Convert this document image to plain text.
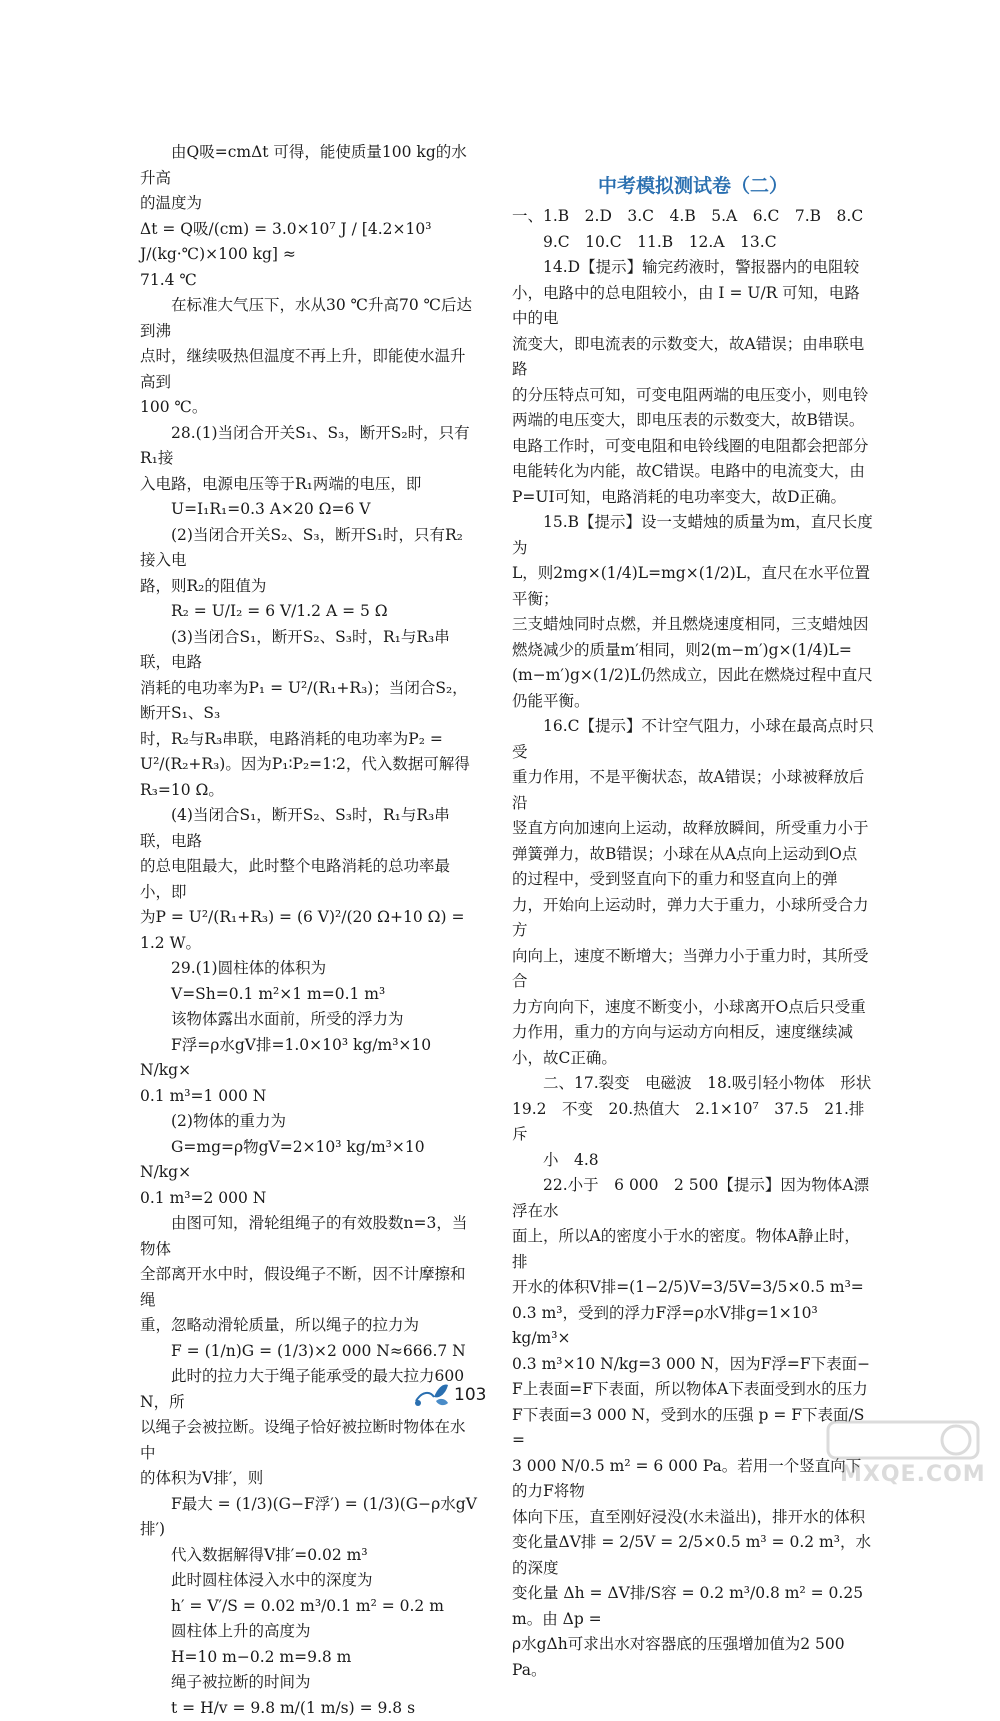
由Q吸=cmΔt 可得，能使质量100 kg的水升高

的温度为

Δt = Q吸/(cm) = 3.0×10⁷ J / [4.2×10³ J/(kg·℃)×100 kg] ≈

71.4 ℃

在标准大气压下，水从30 ℃升高70 ℃后达到沸

点时，继续吸热但温度不再上升，即能使水温升高到

100 ℃。

28.(1)当闭合开关S₁、S₃，断开S₂时，只有R₁接

入电路，电源电压等于R₁两端的电压，即

U=I₁R₁=0.3 A×20 Ω=6 V

(2)当闭合开关S₂、S₃，断开S₁时，只有R₂接入电

路，则R₂的阻值为

R₂ = U/I₂ = 6 V/1.2 A = 5 Ω

(3)当闭合S₁，断开S₂、S₃时，R₁与R₃串联，电路

消耗的电功率为P₁ = U²/(R₁+R₃)；当闭合S₂，断开S₁、S₃

时，R₂与R₃串联，电路消耗的电功率为P₂ =

U²/(R₂+R₃)。因为P₁∶P₂=1∶2，代入数据可解得

R₃=10 Ω。

(4)当闭合S₁，断开S₂、S₃时，R₁与R₃串联，电路

的总电阻最大，此时整个电路消耗的总功率最小，即

为P = U²/(R₁+R₃) = (6 V)²/(20 Ω+10 Ω) = 1.2 W。

29.(1)圆柱体的体积为

V=Sh=0.1 m²×1 m=0.1 m³

该物体露出水面前，所受的浮力为

F浮=ρ水gV排=1.0×10³ kg/m³×10 N/kg×

0.1 m³=1 000 N

(2)物体的重力为

G=mg=ρ物gV=2×10³ kg/m³×10 N/kg×

0.1 m³=2 000 N

由图可知，滑轮组绳子的有效股数n=3，当物体

全部离开水中时，假设绳子不断，因不计摩擦和绳

重，忽略动滑轮质量，所以绳子的拉力为

F = (1/n)G = (1/3)×2 000 N≈666.7 N

此时的拉力大于绳子能承受的最大拉力600 N，所

以绳子会被拉断。设绳子恰好被拉断时物体在水中

的体积为V排′，则

F最大 = (1/3)(G−F浮′) = (1/3)(G−ρ水gV排′)

代入数据解得V排′=0.02 m³

此时圆柱体浸入水中的深度为

h′ = V′/S = 0.02 m³/0.1 m² = 0.2 m

圆柱体上升的高度为

H=10 m−0.2 m=9.8 m

绳子被拉断的时间为

t = H/v = 9.8 m/(1 m/s) = 9.8 s

中考模拟测试卷（二）

一、1.B　2.D　3.C　4.B　5.A　6.C　7.B　8.C

9.C　10.C　11.B　12.A　13.C

14.D【提示】输完药液时，警报器内的电阻较

小，电路中的总电阻较小，由 I = U/R 可知，电路中的电

流变大，即电流表的示数变大，故A错误；由串联电路

的分压特点可知，可变电阻两端的电压变小，则电铃

两端的电压变大，即电压表的示数变大，故B错误。

电路工作时，可变电阻和电铃线圈的电阻都会把部分

电能转化为内能，故C错误。电路中的电流变大，由

P=UI可知，电路消耗的电功率变大，故D正确。

15.B【提示】设一支蜡烛的质量为m，直尺长度为

L，则2mg×(1/4)L=mg×(1/2)L，直尺在水平位置平衡；

三支蜡烛同时点燃，并且燃烧速度相同，三支蜡烛因

燃烧减少的质量m′相同，则2(m−m′)g×(1/4)L=

(m−m′)g×(1/2)L仍然成立，因此在燃烧过程中直尺

仍能平衡。

16.C【提示】不计空气阻力，小球在最高点时只受

重力作用，不是平衡状态，故A错误；小球被释放后沿

竖直方向加速向上运动，故释放瞬间，所受重力小于

弹簧弹力，故B错误；小球在从A点向上运动到O点

的过程中，受到竖直向下的重力和竖直向上的弹

力，开始向上运动时，弹力大于重力，小球所受合力方

向向上，速度不断增大；当弹力小于重力时，其所受合

力方向向下，速度不断变小，小球离开O点后只受重

力作用，重力的方向与运动方向相反，速度继续减

小，故C正确。

二、17.裂变　电磁波　18.吸引轻小物体　形状

19.2　不变　20.热值大　2.1×10⁷　37.5　21.排斥

小　4.8

22.小于　6 000　2 500【提示】因为物体A漂浮在水

面上，所以A的密度小于水的密度。物体A静止时，排

开水的体积V排=(1−2/5)V=3/5V=3/5×0.5 m³=

0.3 m³，受到的浮力F浮=ρ水V排g=1×10³ kg/m³×

0.3 m³×10 N/kg=3 000 N，因为F浮=F下表面−

F上表面=F下表面，所以物体A下表面受到水的压力

F下表面=3 000 N，受到水的压强 p = F下表面/S =

3 000 N/0.5 m² = 6 000 Pa。若用一个竖直向下的力F将物

体向下压，直至刚好浸没(水未溢出)，排开水的体积

变化量ΔV排 = 2/5V = 2/5×0.5 m³ = 0.2 m³，水的深度

变化量 Δh = ΔV排/S容 = 0.2 m³/0.8 m² = 0.25 m。由 Δp =

ρ水gΔh可求出水对容器底的压强增加值为2 500 Pa。

103
MXQE.COM
